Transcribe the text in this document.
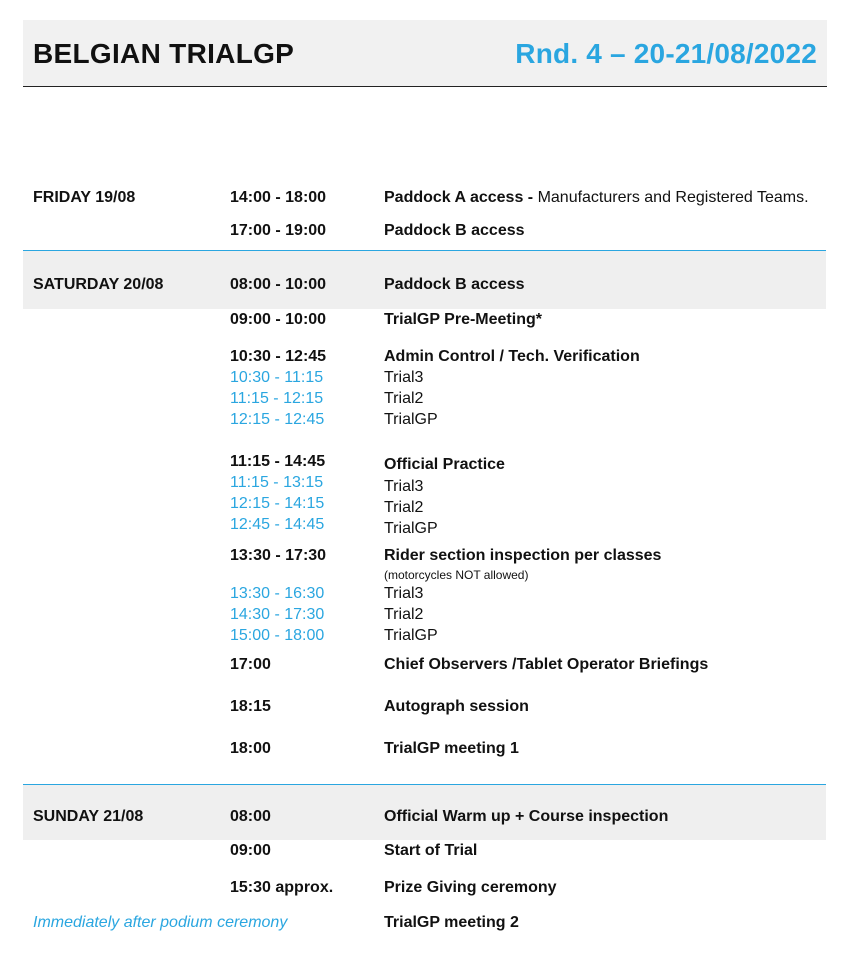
BELGIAN TRIALGP	Rnd. 4 – 20-21/08/2022
FRIDAY 19/08	14:00 - 18:00	Paddock A access - Manufacturers and Registered Teams.
17:00 - 19:00	Paddock B access
SATURDAY 20/08	08:00 - 10:00	Paddock B access
09:00 - 10:00	TrialGP Pre-Meeting*
10:30 - 12:45	Admin Control / Tech. Verification
10:30 - 11:15	Trial3
11:15 - 12:15	Trial2
12:15 - 12:45	TrialGP
11:15 - 14:45	Official Practice
11:15 - 13:15	Trial3
12:15 - 14:15	Trial2
12:45 - 14:45	TrialGP
13:30 - 17:30	Rider section inspection per classes
(motorcycles NOT allowed)
13:30 - 16:30	Trial3
14:30 - 17:30	Trial2
15:00 - 18:00	TrialGP
17:00	Chief Observers /Tablet Operator Briefings
18:15	Autograph session
18:00	TrialGP meeting 1
SUNDAY 21/08	08:00	Official Warm up + Course inspection
09:00	Start of Trial
15:30 approx.	Prize Giving ceremony
Immediately after podium ceremony	TrialGP meeting 2
